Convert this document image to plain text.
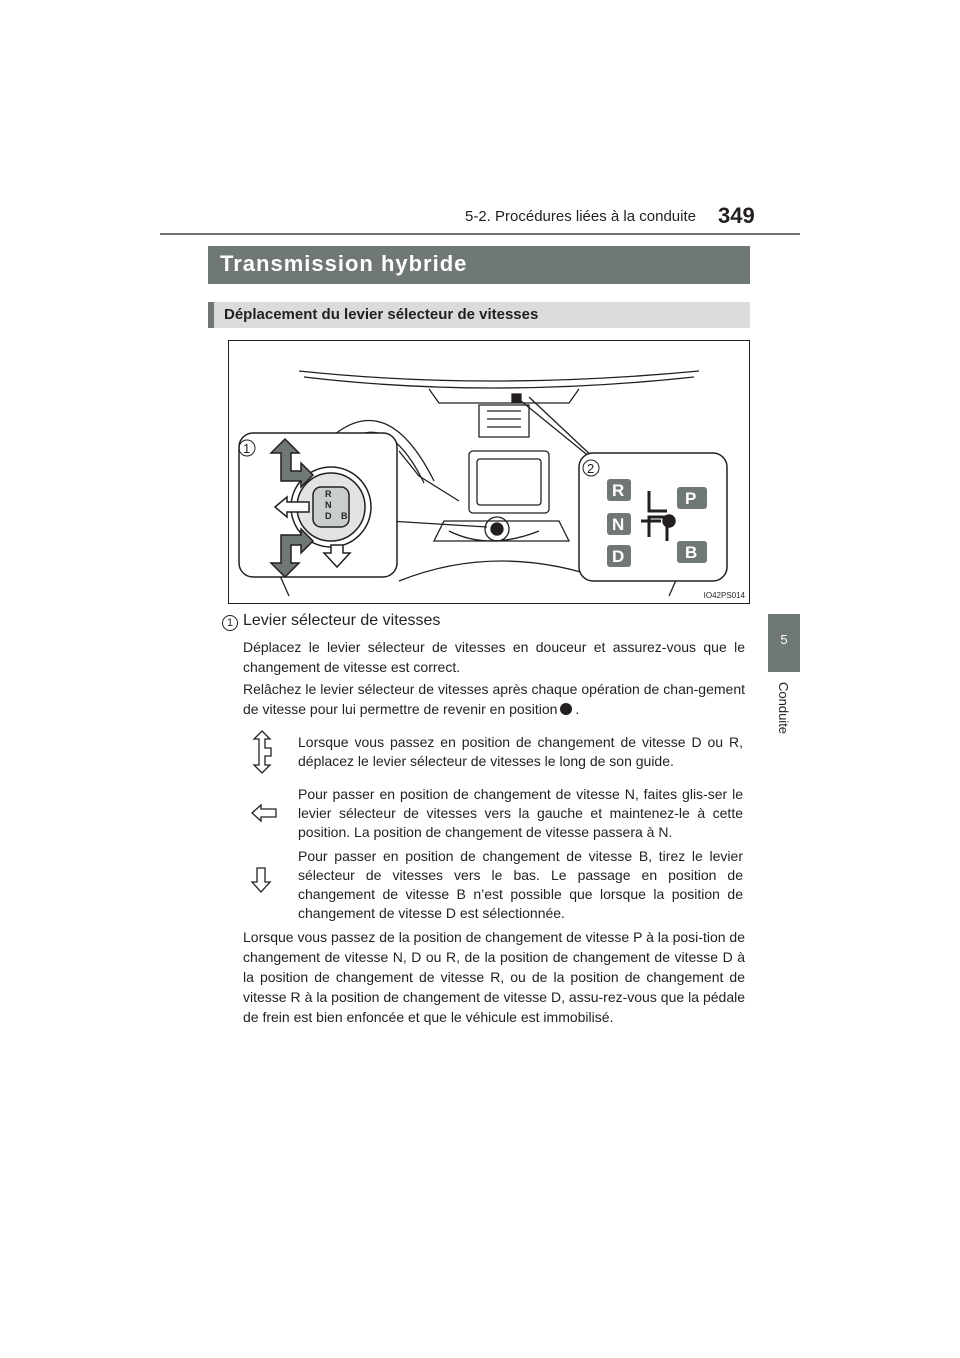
5-2. Procédures liées à la conduite 349
Transmission hybride
Déplacement du levier sélecteur de vitesses
1
2
R
N
D B
R
N
D
P
B
IO42PS014
5
Conduite
1 Levier sélecteur de vitesses
Déplacez le levier sélecteur de vitesses en douceur et assurez-vous que le changement de vitesse est correct.
Relâchez le levier sélecteur de vitesses après chaque opération de chan-gement de vitesse pour lui permettre de revenir en position .
Lorsque vous passez en position de changement de vitesse D ou R, déplacez le levier sélecteur de vitesses le long de son guide.
Pour passer en position de changement de vitesse N, faites glis-ser le levier sélecteur de vitesses vers la gauche et maintenez-le à cette position. La position de changement de vitesse passera à N.
Pour passer en position de changement de vitesse B, tirez le levier sélecteur de vitesses vers le bas. Le passage en position de changement de vitesse B n’est possible que lorsque la position de changement de vitesse D est sélectionnée.
Lorsque vous passez de la position de changement de vitesse P à la posi-tion de changement de vitesse N, D ou R, de la position de changement de vitesse D à la position de changement de vitesse R, ou de la position de changement de vitesse R à la position de changement de vitesse D, assu-rez-vous que la pédale de frein est bien enfoncée et que le véhicule est immobilisé.
